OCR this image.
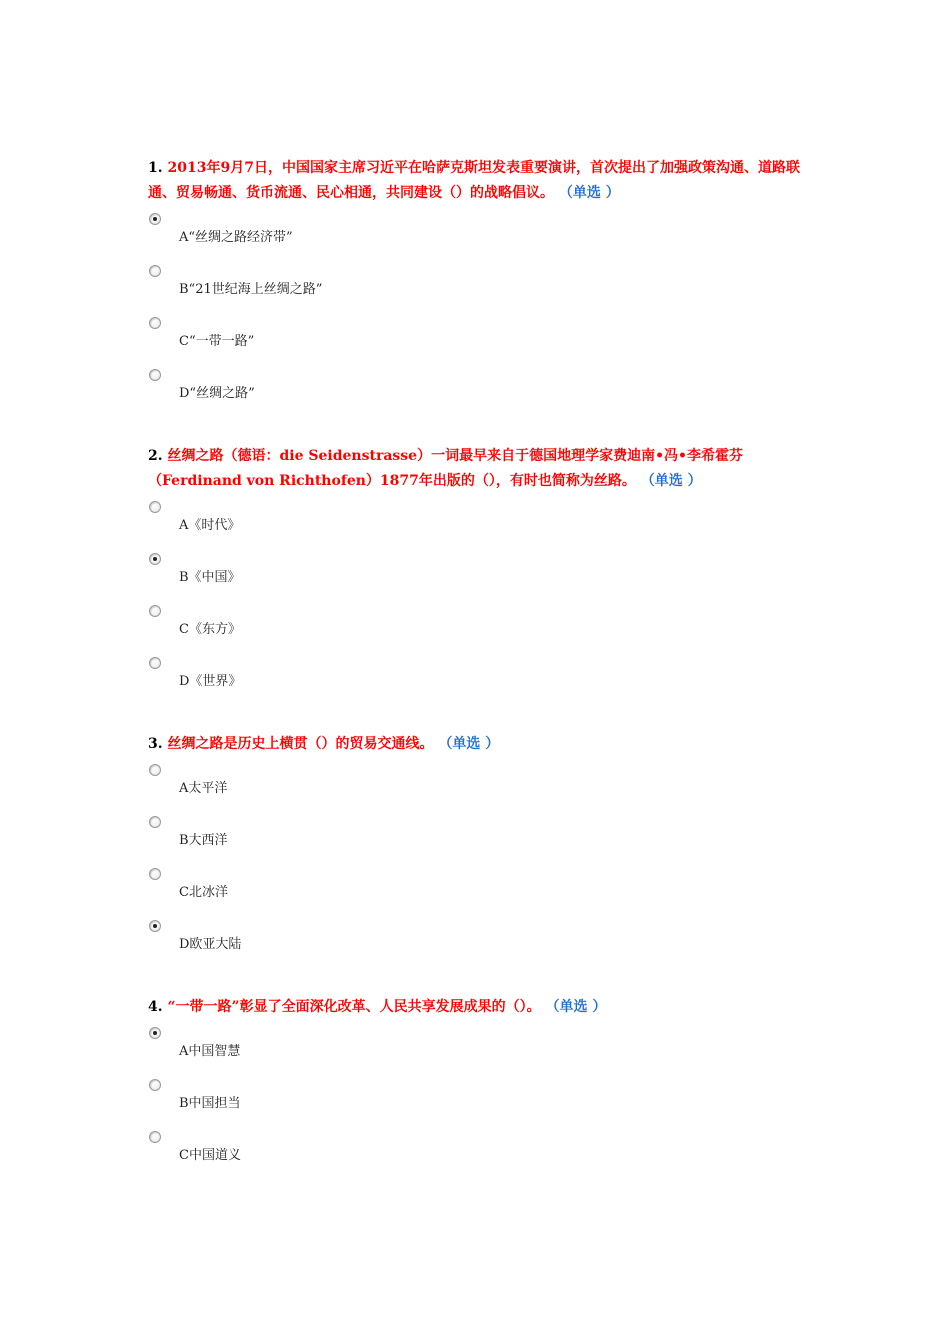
1. 2013年9月7日，中国国家主席习近平在哈萨克斯坦发表重要演讲，首次提出了加强政策沟通、道路联通、贸易畅通、货币流通、民心相通，共同建设（）的战略倡议。 （单选 ）
A“丝绸之路经济带”
B“21世纪海上丝绸之路”
C“一带一路”
D“丝绸之路”
2. 丝绸之路（德语：die Seidenstrasse）一词最早来自于德国地理学家费迪南•冯•李希霍芬（Ferdinand von Richthofen）1877年出版的（），有时也简称为丝路。 （单选 ）
A《时代》
B《中国》
C《东方》
D《世界》
3. 丝绸之路是历史上横贯（）的贸易交通线。 （单选 ）
A太平洋
B大西洋
C北冰洋
D欧亚大陆
4. “一带一路”彰显了全面深化改革、人民共享发展成果的（）。 （单选 ）
A中国智慧
B中国担当
C中国道义
